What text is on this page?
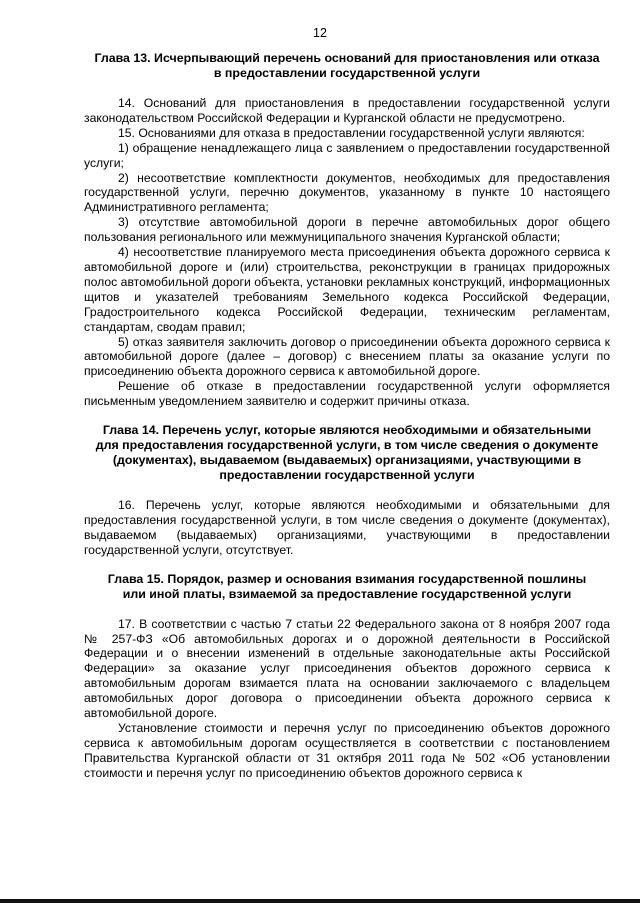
12
Глава 13. Исчерпывающий перечень оснований для приостановления или отказа
в предоставлении государственной услуги

14. Оснований для приостановления в предоставлении государственной услуги законодательством Российской Федерации и Курганской области не предусмотрено.

15. Основаниями для отказа в предоставлении государственной услуги являются:

1) обращение ненадлежащего лица с заявлением о предоставлении государственной услуги;

2) несоответствие комплектности документов, необходимых для предоставления государственной услуги, перечню документов, указанному в пункте 10 настоящего Административного регламента;

3) отсутствие автомобильной дороги в перечне автомобильных дорог общего пользования регионального или межмуниципального значения Курганской области;

4) несоответствие планируемого места присоединения объекта дорожного сервиса к автомобильной дороге и (или) строительства, реконструкции в границах придорожных полос автомобильной дороги объекта, установки рекламных конструкций, информационных щитов и указателей требованиям Земельного кодекса Российской Федерации, Градостроительного кодекса Российской Федерации, техническим регламентам, стандартам, сводам правил;

5) отказ заявителя заключить договор о присоединении объекта дорожного сервиса к автомобильной дороге (далее – договор) с внесением платы за оказание услуги по присоединению объекта дорожного сервиса к автомобильной дороге.

Решение об отказе в предоставлении государственной услуги оформляется письменным уведомлением заявителю и содержит причины отказа.

Глава 14. Перечень услуг, которые являются необходимыми и обязательными
для предоставления государственной услуги, в том числе сведения о документе
(документах), выдаваемом (выдаваемых) организациями, участвующими в
предоставлении государственной услуги

16. Перечень услуг, которые являются необходимыми и обязательными для предоставления государственной услуги, в том числе сведения о документе (документах), выдаваемом (выдаваемых) организациями, участвующими в предоставлении государственной услуги, отсутствует.

Глава 15. Порядок, размер и основания взимания государственной пошлины
или иной платы, взимаемой за предоставление государственной услуги

17. В соответствии с частью 7 статьи 22 Федерального закона от 8 ноября 2007 года № 257-ФЗ «Об автомобильных дорогах и о дорожной деятельности в Российской Федерации и о внесении изменений в отдельные законодательные акты Российской Федерации» за оказание услуг присоединения объектов дорожного сервиса к автомобильным дорогам взимается плата на основании заключаемого с владельцем автомобильных дорог договора о присоединении объекта дорожного сервиса к автомобильной дороге.

Установление стоимости и перечня услуг по присоединению объектов дорожного сервиса к автомобильным дорогам осуществляется в соответствии с постановлением Правительства Курганской области от 31 октября 2011 года № 502 «Об установлении стоимости и перечня услуг по присоединению объектов дорожного сервиса к
